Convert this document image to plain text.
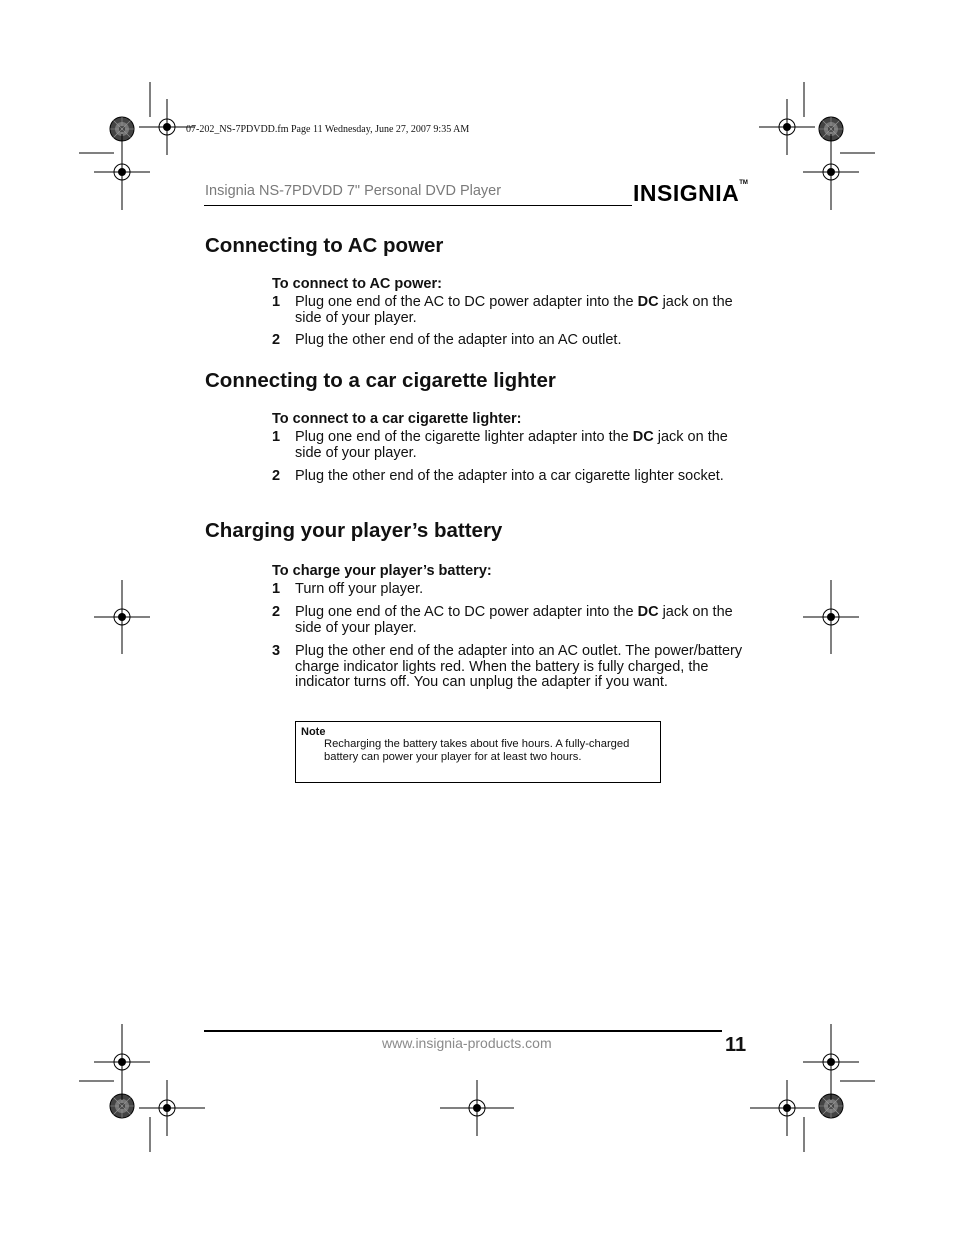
07-202_NS-7PDVDD.fm Page 11 Wednesday, June 27, 2007 9:35 AM
Insignia NS-7PDVDD 7" Personal DVD Player	INSIGNIA™
Connecting to AC power
To connect to AC power:
1 Plug one end of the AC to DC power adapter into the DC jack on the side of your player.
2 Plug the other end of the adapter into an AC outlet.
Connecting to a car cigarette lighter
To connect to a car cigarette lighter:
1 Plug one end of the cigarette lighter adapter into the DC jack on the side of your player.
2 Plug the other end of the adapter into a car cigarette lighter socket.
Charging your player’s battery
To charge your player’s battery:
1 Turn off your player.
2 Plug one end of the AC to DC power adapter into the DC jack on the side of your player.
3 Plug the other end of the adapter into an AC outlet. The power/battery charge indicator lights red. When the battery is fully charged, the indicator turns off. You can unplug the adapter if you want.
Note
Recharging the battery takes about five hours. A fully-charged battery can power your player for at least two hours.
www.insignia-products.com	11
